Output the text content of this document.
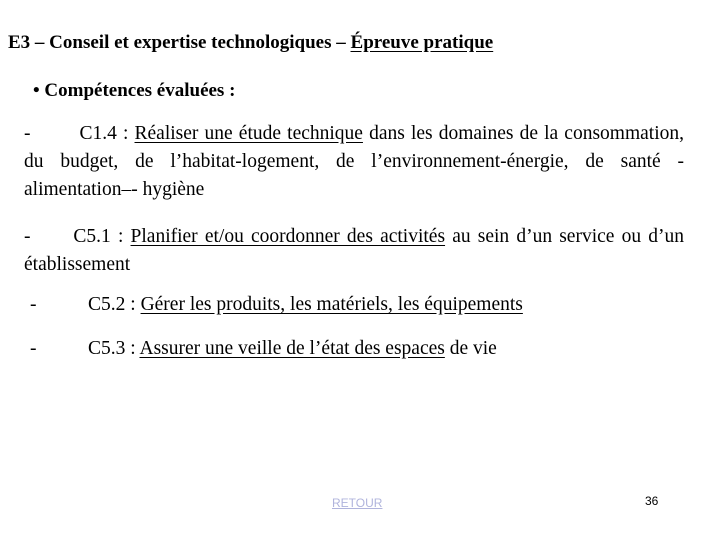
E3 – Conseil et expertise technologiques – Épreuve pratique
• Compétences évaluées :
-	C1.4 : Réaliser une étude technique dans les domaines de la consommation, du budget, de l’habitat-logement, de l’environnement-énergie, de santé -alimentation–- hygiène
- C5.1 : Planifier et/ou coordonner des activités au sein d’un service ou d’un établissement
-	C5.2 : Gérer les produits, les matériels, les équipements
-	C5.3 : Assurer une veille de l’état des espaces de vie
RETOUR	36
